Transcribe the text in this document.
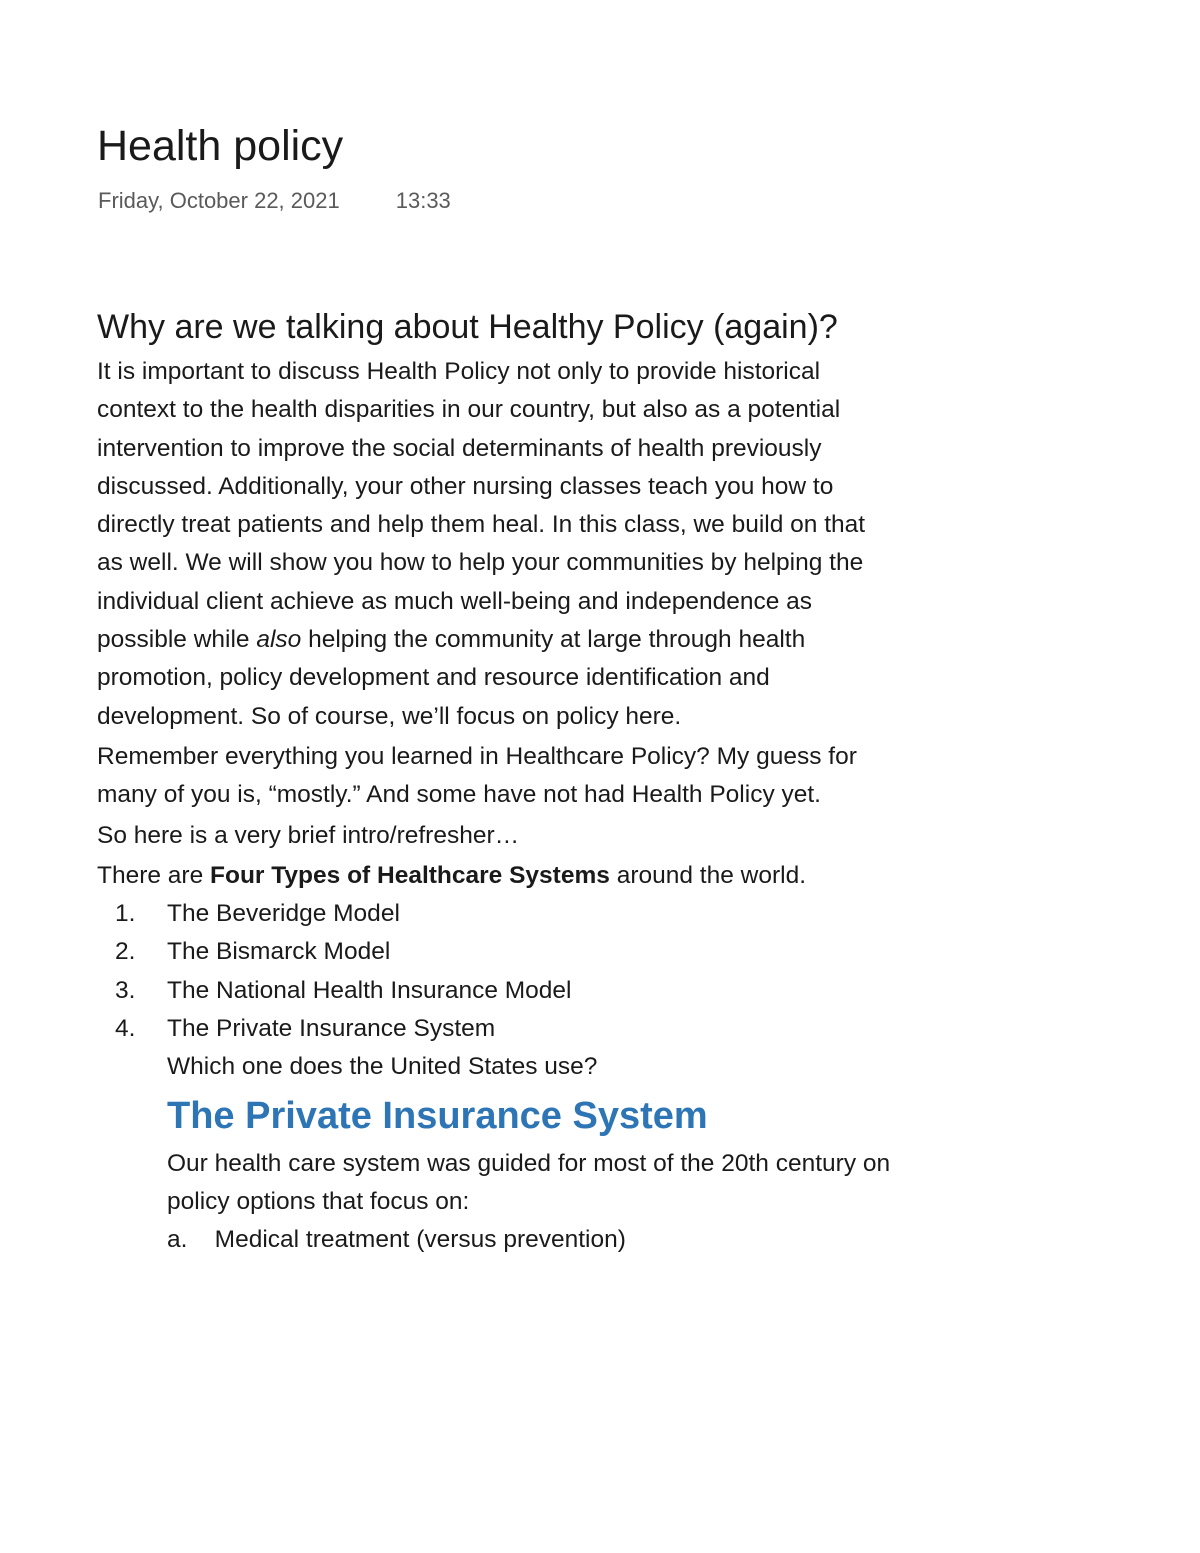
Health policy
Friday, October 22, 2021	13:33
Why are we talking about Healthy Policy (again)?

It is important to discuss Health Policy not only to provide historical context to the health disparities in our country, but also as a potential intervention to improve the social determinants of health previously discussed. Additionally, your other nursing classes teach you how to directly treat patients and help them heal. In this class, we build on that as well. We will show you how to help your communities by helping the individual client achieve as much well-being and independence as possible while also helping the community at large through health promotion, policy development and resource identification and development. So of course, we’ll focus on policy here.

Remember everything you learned in Healthcare Policy? My guess for many of you is, “mostly.” And some have not had Health Policy yet.

So here is a very brief intro/refresher…

There are Four Types of Healthcare Systems around the world.

1. The Beveridge Model
2. The Bismarck Model
3. The National Health Insurance Model
4. The Private Insurance System

Which one does the United States use?

The Private Insurance System

Our health care system was guided for most of the 20th century on policy options that focus on:

a. Medical treatment (versus prevention)
